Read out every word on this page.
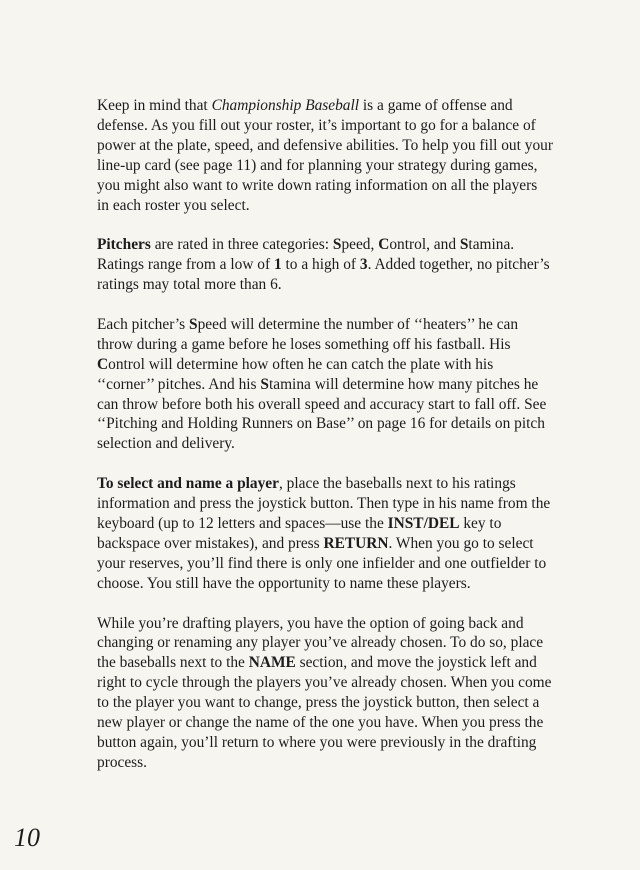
Keep in mind that Championship Baseball is a game of offense and defense. As you fill out your roster, it’s important to go for a balance of power at the plate, speed, and defensive abilities. To help you fill out your line-up card (see page 11) and for planning your strategy during games, you might also want to write down rating information on all the players in each roster you select.

Pitchers are rated in three categories: Speed, Control, and Stamina. Ratings range from a low of 1 to a high of 3. Added together, no pitcher’s ratings may total more than 6.

Each pitcher’s Speed will determine the number of ‘‘heaters’’ he can throw during a game before he loses something off his fastball. His Control will determine how often he can catch the plate with his ‘‘corner’’ pitches. And his Stamina will determine how many pitches he can throw before both his overall speed and accuracy start to fall off. See ‘‘Pitching and Holding Runners on Base’’ on page 16 for details on pitch selection and delivery.

To select and name a player, place the baseballs next to his ratings information and press the joystick button. Then type in his name from the keyboard (up to 12 letters and spaces—use the INST/DEL key to backspace over mistakes), and press RETURN. When you go to select your reserves, you’ll find there is only one infielder and one outfielder to choose. You still have the opportunity to name these players.

While you’re drafting players, you have the option of going back and changing or renaming any player you’ve already chosen. To do so, place the baseballs next to the NAME section, and move the joystick left and right to cycle through the players you’ve already chosen. When you come to the player you want to change, press the joystick button, then select a new player or change the name of the one you have. When you press the button again, you’ll return to where you were previously in the drafting process.

10
